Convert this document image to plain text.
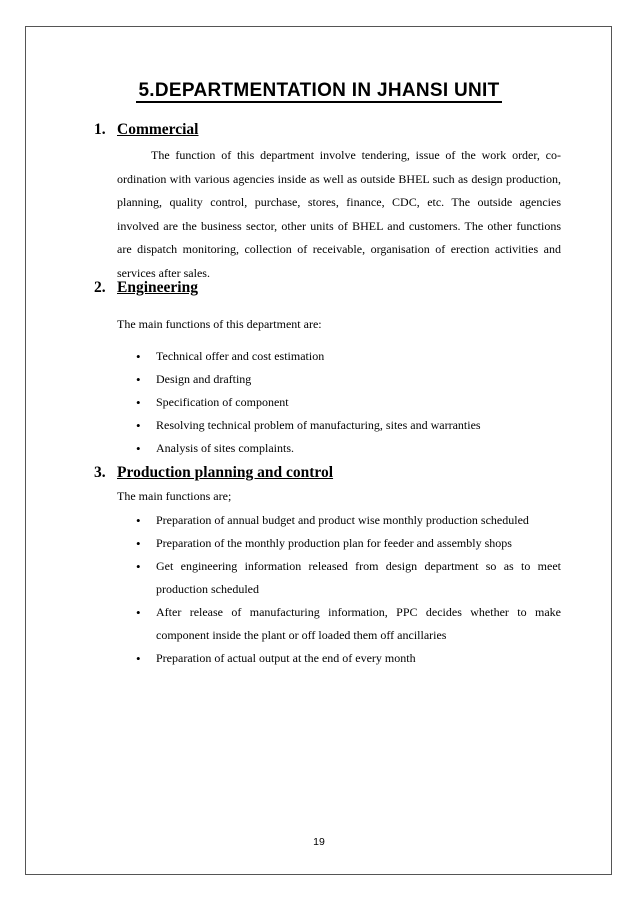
5.DEPARTMENTATION IN JHANSI UNIT
1. Commercial
The function of this department involve tendering, issue of the work order, co-ordination with various agencies inside as well as outside BHEL such as design production, planning, quality control, purchase, stores, finance, CDC, etc. The outside agencies involved are the business sector, other units of BHEL and customers. The other functions are dispatch monitoring, collection of receivable, organisation of erection activities and services after sales.
2. Engineering
The main functions of this department are:
• Technical offer and cost estimation
• Design and drafting
• Specification of component
• Resolving technical problem of manufacturing, sites and warranties
• Analysis of sites complaints.
3. Production planning and control
The main functions are;
• Preparation of annual budget and product wise monthly production scheduled
• Preparation of the monthly production plan for feeder and assembly shops
• Get engineering information released from design department so as to meet production scheduled
• After release of manufacturing information, PPC decides whether to make component inside the plant or off loaded them off ancillaries
• Preparation of actual output at the end of every month
19
